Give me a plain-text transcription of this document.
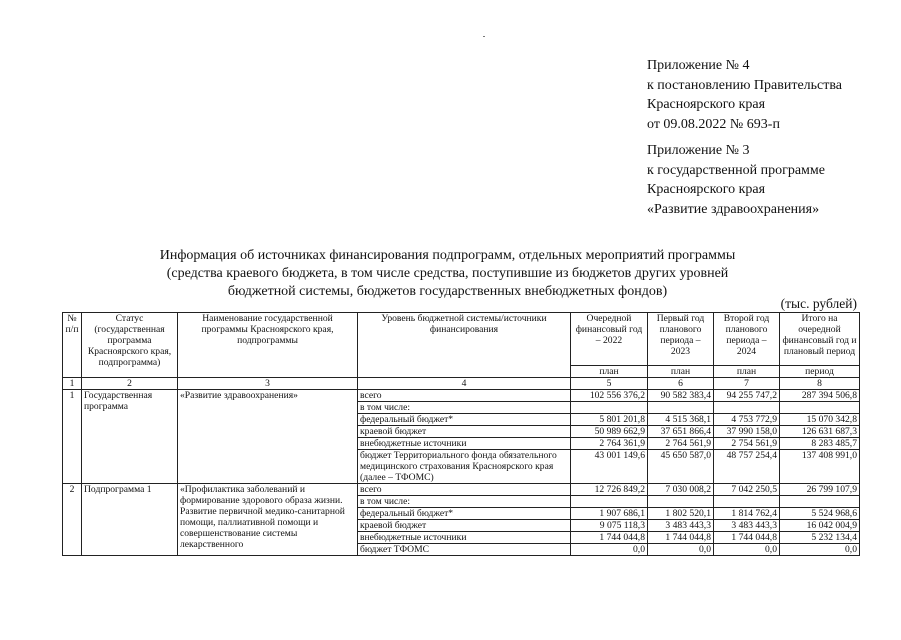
Приложение № 4
к постановлению Правительства
Красноярского края
от 09.08.2022 № 693-п
Приложение № 3
к государственной программе
Красноярского края
«Развитие здравоохранения»
Информация об источниках финансирования подпрограмм, отдельных мероприятий программы
(средства краевого бюджета, в том числе средства, поступившие из бюджетов других уровней
бюджетной системы, бюджетов государственных внебюджетных фондов)
(тыс. рублей)
№ п/п	Статус (государственная программа Красноярского края, подпрограмма)	Наименование государственной программы Красноярского края, подпрограммы	Уровень бюджетной системы/источники финансирования	Очередной финансовый год – 2022	Первый год планового периода – 2023	Второй год планового периода – 2024	Итого на очередной финансовый год и плановый период
				план	план	план	период
1	2	3	4	5	6	7	8
1	Государственная программа	«Развитие здравоохранения»	всего	102 556 376,2	90 582 383,4	94 255 747,2	287 394 506,8
			в том числе:				
			федеральный бюджет*	5 801 201,8	4 515 368,1	4 753 772,9	15 070 342,8
			краевой бюджет	50 989 662,9	37 651 866,4	37 990 158,0	126 631 687,3
			внебюджетные источники	2 764 361,9	2 764 561,9	2 754 561,9	8 283 485,7
			бюджет Территориального фонда обязательного медицинского страхования Красноярского края (далее – ТФОМС)	43 001 149,6	45 650 587,0	48 757 254,4	137 408 991,0
2	Подпрограмма 1	«Профилактика заболеваний и формирование здорового образа жизни. Развитие первичной медико-санитарной помощи, паллиативной помощи и совершенствование системы лекарственного	всего	12 726 849,2	7 030 008,2	7 042 250,5	26 799 107,9
			в том числе:				
			федеральный бюджет*	1 907 686,1	1 802 520,1	1 814 762,4	5 524 968,6
			краевой бюджет	9 075 118,3	3 483 443,3	3 483 443,3	16 042 004,9
			внебюджетные источники	1 744 044,8	1 744 044,8	1 744 044,8	5 232 134,4
			бюджет ТФОМС	0,0	0,0	0,0	0,0
